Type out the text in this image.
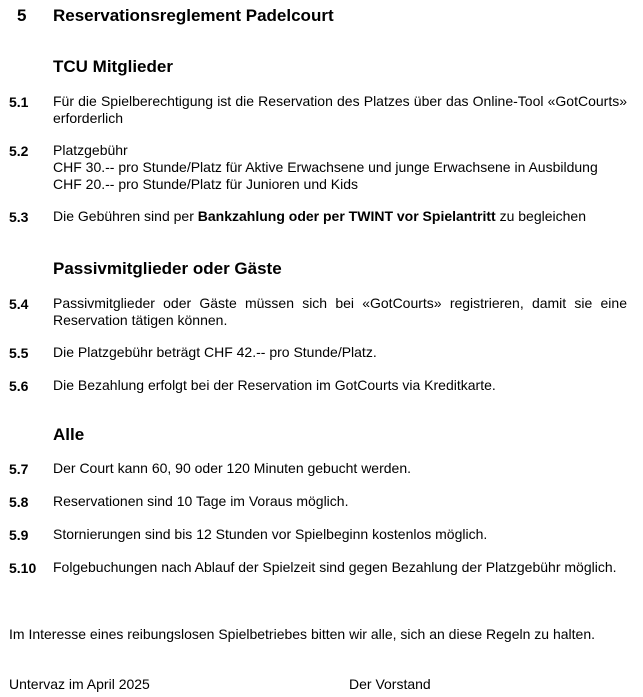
5 Reservationsreglement Padelcourt
TCU Mitglieder
5.1 Für die Spielberechtigung ist die Reservation des Platzes über das Online-Tool «GotCourts» erforderlich
5.2 Platzgebühr
CHF 30.-- pro Stunde/Platz für Aktive Erwachsene und junge Erwachsene in Ausbildung
CHF 20.-- pro Stunde/Platz für Junioren und Kids
5.3 Die Gebühren sind per Bankzahlung oder per TWINT vor Spielantritt zu begleichen
Passivmitglieder oder Gäste
5.4 Passivmitglieder oder Gäste müssen sich bei «GotCourts» registrieren, damit sie eine Reservation tätigen können.
5.5 Die Platzgebühr beträgt CHF 42.-- pro Stunde/Platz.
5.6 Die Bezahlung erfolgt bei der Reservation im GotCourts via Kreditkarte.
Alle
5.7 Der Court kann 60, 90 oder 120 Minuten gebucht werden.
5.8 Reservationen sind 10 Tage im Voraus möglich.
5.9 Stornierungen sind bis 12 Stunden vor Spielbeginn kostenlos möglich.
5.10 Folgebuchungen nach Ablauf der Spielzeit sind gegen Bezahlung der Platzgebühr möglich.
Im Interesse eines reibungslosen Spielbetriebes bitten wir alle, sich an diese Regeln zu halten.
Untervaz im April 2025	Der Vorstand
